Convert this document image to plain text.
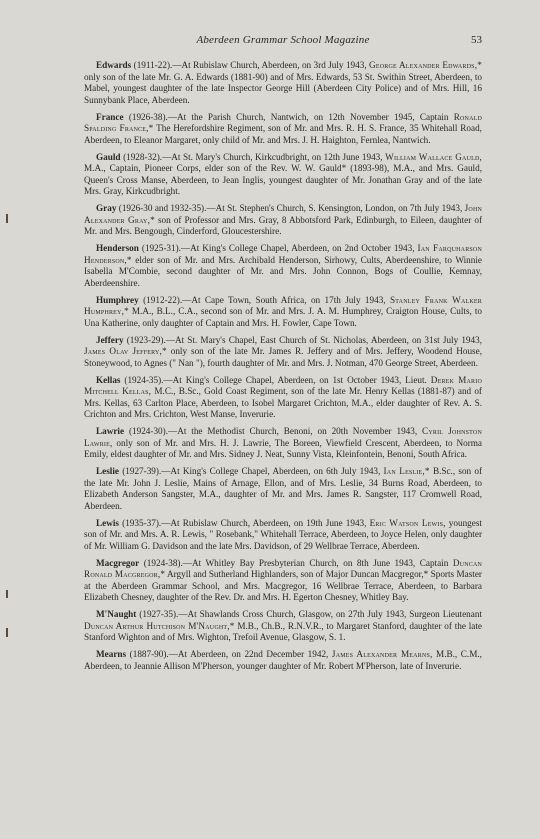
Aberdeen Grammar School Magazine	53

Edwards (1911-22).—At Rubislaw Church, Aberdeen, on 3rd July 1943, George Alexander Edwards,* only son of the late Mr. G. A. Edwards (1881-90) and of Mrs. Edwards, 53 St. Swithin Street, Aberdeen, to Mabel, youngest daughter of the late Inspector George Hill (Aberdeen City Police) and of Mrs. Hill, 16 Sunnybank Place, Aberdeen.

France (1926-38).—At the Parish Church, Nantwich, on 12th November 1945, Captain Ronald Spalding France,* The Herefordshire Regiment, son of Mr. and Mrs. R. H. S. France, 35 Whitehall Road, Aberdeen, to Eleanor Margaret, only child of Mr. and Mrs. J. H. Haighton, Fernlea, Nantwich.

Gauld (1928-32).—At St. Mary's Church, Kirkcudbright, on 12th June 1943, William Wallace Gauld, M.A., Captain, Pioneer Corps, elder son of the Rev. W. W. Gauld* (1893-98), M.A., and Mrs. Gauld, Queen's Cross Manse, Aberdeen, to Jean Inglis, youngest daughter of Mr. Jonathan Gray and of the late Mrs. Gray, Kirkcudbright.

Gray (1926-30 and 1932-35).—At St. Stephen's Church, S. Kensington, London, on 7th July 1943, John Alexander Gray,* son of Professor and Mrs. Gray, 8 Abbotsford Park, Edinburgh, to Eileen, daughter of Mr. and Mrs. Bengough, Cinderford, Gloucestershire.

Henderson (1925-31).—At King's College Chapel, Aberdeen, on 2nd October 1943, Ian Farquharson Henderson,* elder son of Mr. and Mrs. Archibald Henderson, Sirhowy, Cults, Aberdeenshire, to Winnie Isabella M'Combie, second daughter of Mr. and Mrs. John Connon, Bogs of Coullie, Kemnay, Aberdeenshire.

Humphrey (1912-22).—At Cape Town, South Africa, on 17th July 1943, Stanley Frank Walker Humphrey,* M.A., B.L., C.A., second son of Mr. and Mrs. J. A. M. Humphrey, Craigton House, Cults, to Una Katherine, only daughter of Captain and Mrs. H. Fowler, Cape Town.

Jeffery (1923-29).—At St. Mary's Chapel, East Church of St. Nicholas, Aberdeen, on 31st July 1943, James Olav Jeffery,* only son of the late Mr. James R. Jeffery and of Mrs. Jeffery, Woodend House, Stoneywood, to Agnes (" Nan "), fourth daughter of Mr. and Mrs. J. Notman, 470 George Street, Aberdeen.

Kellas (1924-35).—At King's College Chapel, Aberdeen, on 1st October 1943, Lieut. Derek Mario Mitchell Kellas, M.C., B.Sc., Gold Coast Regiment, son of the late Mr. Henry Kellas (1881-87) and of Mrs. Kellas, 63 Carlton Place, Aberdeen, to Isobel Margaret Crichton, M.A., elder daughter of Rev. A. S. Crichton and Mrs. Crichton, West Manse, Inverurie.

Lawrie (1924-30).—At the Methodist Church, Benoni, on 20th November 1943, Cyril Johnston Lawrie, only son of Mr. and Mrs. H. J. Lawrie, The Boreen, Viewfield Crescent, Aberdeen, to Norma Emily, eldest daughter of Mr. and Mrs. Sidney J. Neat, Sunny Vista, Kleinfontein, Benoni, South Africa.

Leslie (1927-39).—At King's College Chapel, Aberdeen, on 6th July 1943, Ian Leslie,* B.Sc., son of the late Mr. John J. Leslie, Mains of Arnage, Ellon, and of Mrs. Leslie, 34 Burns Road, Aberdeen, to Elizabeth Anderson Sangster, M.A., daughter of Mr. and Mrs. James R. Sangster, 117 Cromwell Road, Aberdeen.

Lewis (1935-37).—At Rubislaw Church, Aberdeen, on 19th June 1943, Eric Watson Lewis, youngest son of Mr. and Mrs. A. R. Lewis, " Rosebank," Whitehall Terrace, Aberdeen, to Joyce Helen, only daughter of Mr. William G. Davidson and the late Mrs. Davidson, of 29 Wellbrae Terrace, Aberdeen.

Macgregor (1924-38).—At Whitley Bay Presbyterian Church, on 8th June 1943, Captain Duncan Ronald Macgregor,* Argyll and Sutherland Highlanders, son of Major Duncan Macgregor,* Sports Master at the Aberdeen Grammar School, and Mrs. Macgregor, 16 Wellbrae Terrace, Aberdeen, to Barbara Elizabeth Chesney, daughter of the Rev. Dr. and Mrs. H. Egerton Chesney, Whitley Bay.

M'Naught (1927-35).—At Shawlands Cross Church, Glasgow, on 27th July 1943, Surgeon Lieutenant Duncan Arthur Hutchison M'Naught,* M.B., Ch.B., R.N.V.R., to Margaret Stanford, daughter of the late Stanford Wighton and of Mrs. Wighton, Trefoil Avenue, Glasgow, S. 1.

Mearns (1887-90).—At Aberdeen, on 22nd December 1942, James Alexander Mearns, M.B., C.M., Aberdeen, to Jeannie Allison M'Pherson, younger daughter of Mr. Robert M'Pherson, late of Inverurie.
